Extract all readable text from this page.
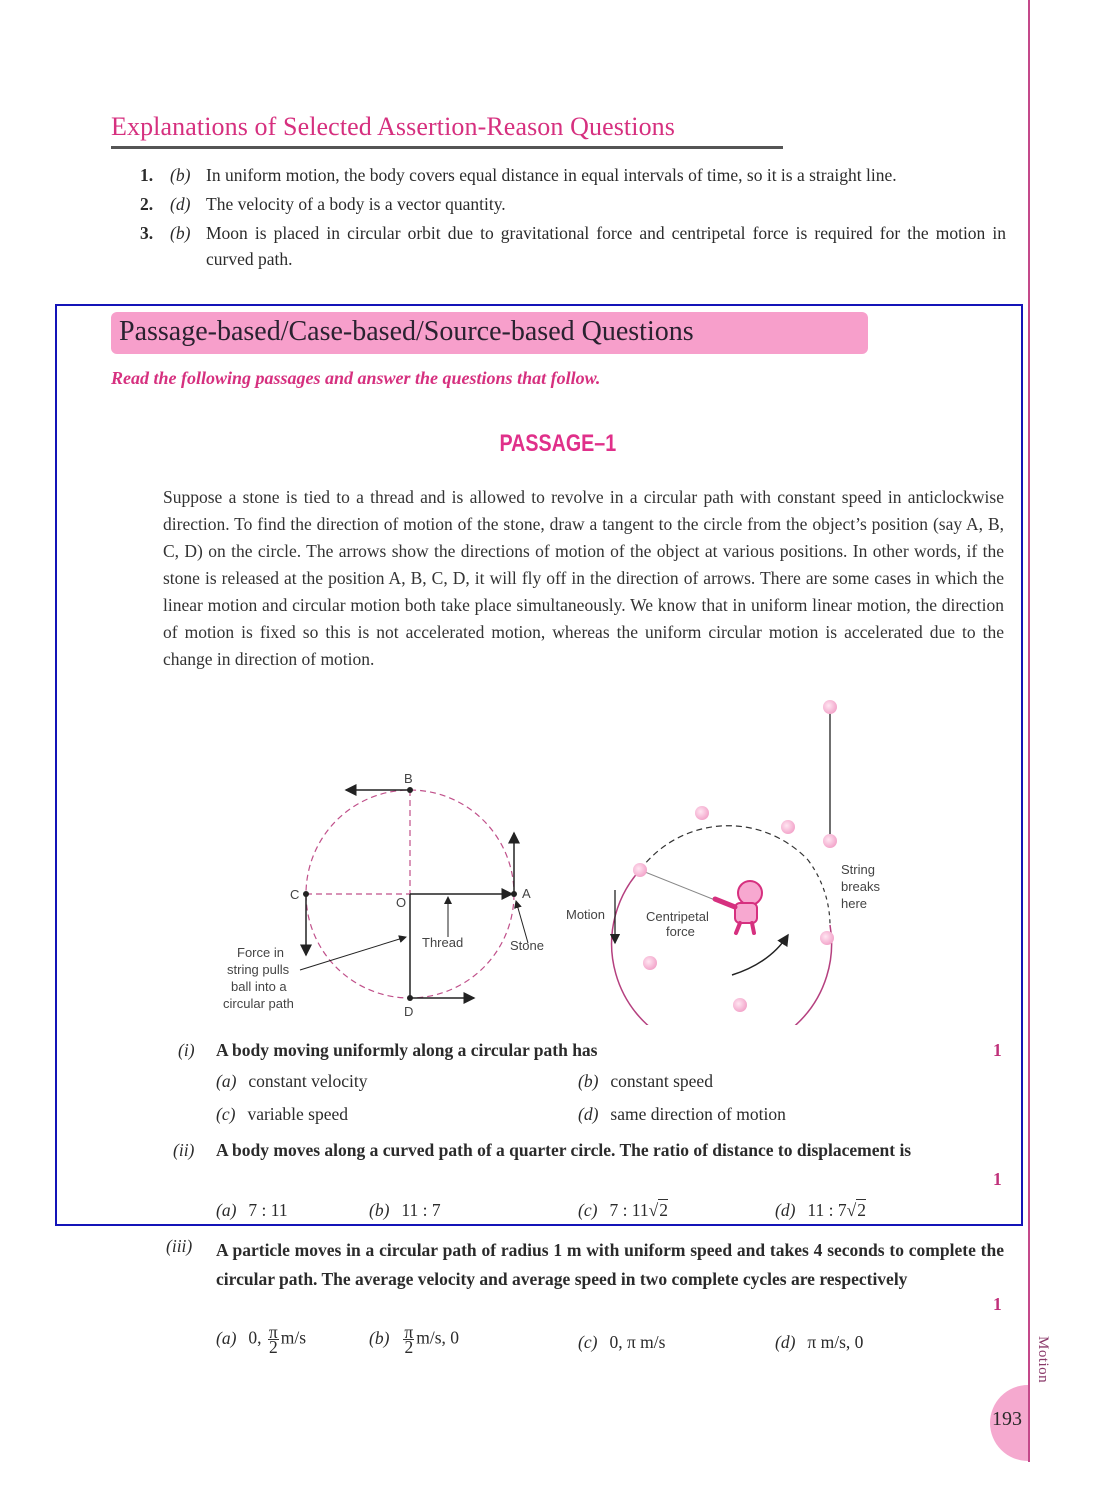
Motion
193
Explanations of Selected Assertion-Reason Questions
1. (b) In uniform motion, the body covers equal distance in equal intervals of time, so it is a straight line.
2. (d) The velocity of a body is a vector quantity.
3. (b) Moon is placed in circular orbit due to gravitational force and centripetal force is required for the motion in curved path.
Passage-based/Case-based/Source-based Questions
Read the following passages and answer the questions that follow.
PASSAGE–1
Suppose a stone is tied to a thread and is allowed to revolve in a circular path with constant speed in anticlockwise direction. To find the direction of motion of the stone, draw a tangent to the circle from the object’s position (say A, B, C, D) on the circle. The arrows show the directions of motion of the object at various positions. In other words, if the stone is released at the position A, B, C, D, it will fly off in the direction of arrows. There are some cases in which the linear motion and circular motion both take place simultaneously. We know that in uniform linear motion, the direction of motion is fixed so this is not accelerated motion, whereas the uniform circular motion is accelerated due to the change in direction of motion.
B
C	A
D
O
Thread	Stone
Force in
string pulls
ball into a
circular path
Motion	Centripetal
force
String
breaks
here
(i) A body moving uniformly along a circular path has	1
(a) constant velocity	(b) constant speed
(c) variable speed	(d) same direction of motion
(ii) A body moves along a curved path of a quarter circle. The ratio of distance to displacement is
1
(a) 7 : 11	(b) 11 : 7	(c) 7 : 11√2	(d) 11 : 7√2
(iii) A particle moves in a circular path of radius 1 m with uniform speed and takes 4 seconds to complete the circular path. The average velocity and average speed in two complete cycles are respectively
1
(a) 0, $\frac{\pi}{2} m/s$	$(b) \frac{\pi}{2} m/s$, 0	(c) 0, π m/s	(d) π m/s, 0
